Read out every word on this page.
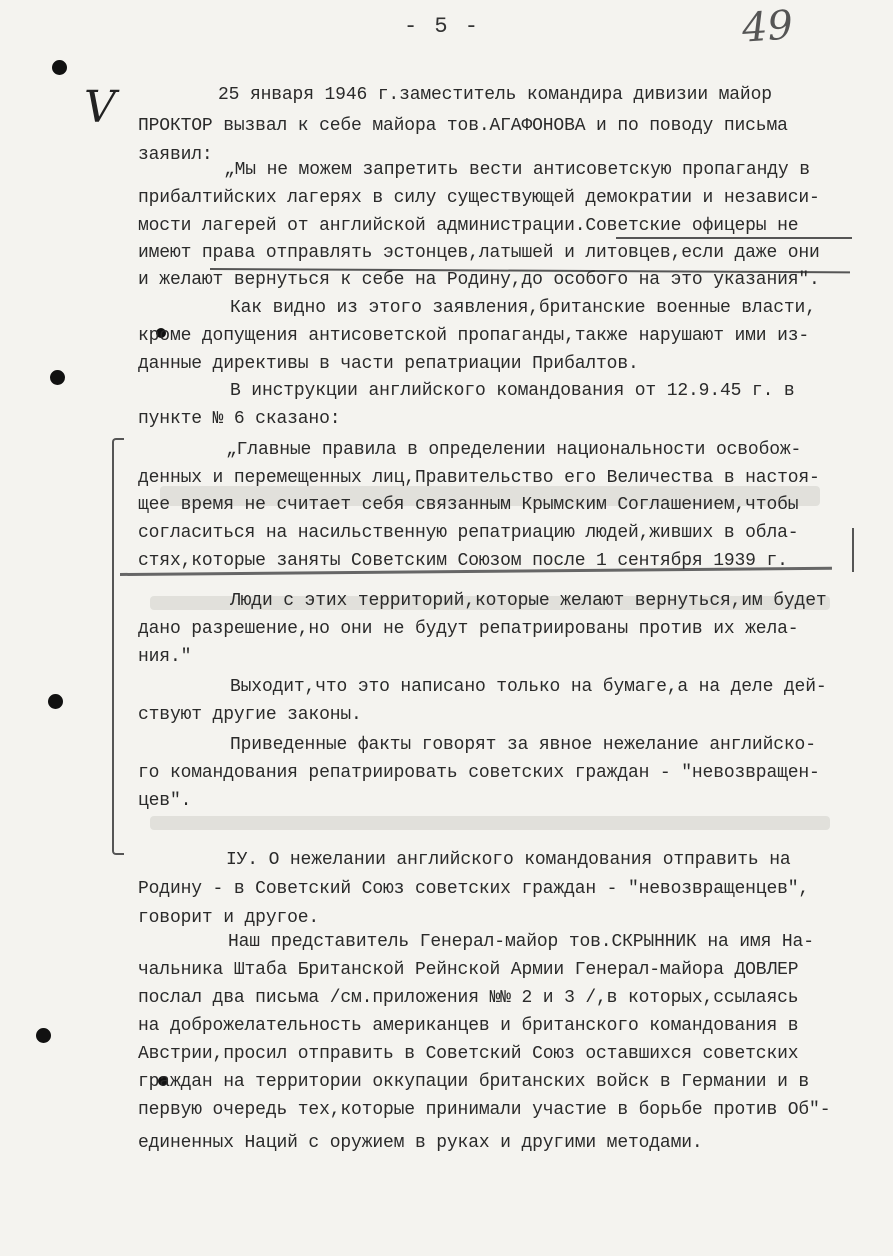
- 5 -	49
V	25 января 1946 г.заместитель командира дивизии майор
ПРОКТОР вызвал к себе майора тов.АГАФОНОВА и по поводу письма
заявил:
„Мы не можем запретить вести антисоветскую пропаганду в
прибалтийских лагерях в силу существующей демократии и независи-
мости лагерей от английской администрации.Советские офицеры не
имеют права отправлять эстонцев,латышей и литовцев,если даже они
и желают вернуться к себе на Родину,до особого на это указания".
Как видно из этого заявления,британские военные власти,
кроме допущения антисоветской пропаганды,также нарушают ими из-
данные директивы в части репатриации Прибалтов.
В инструкции английского командования от 12.9.45 г. в
пункте № 6 сказано:
„Главные правила в определении национальности освобож-
денных и перемещенных лиц,Правительство его Величества в настоя-
щее время не считает себя связанным Крымским Соглашением,чтобы
согласиться на насильственную репатриацию людей,живших в обла-
стях,которые заняты Советским Союзом после 1 сентября 1939 г.
Люди с этих территорий,которые желают вернуться,им будет
дано разрешение,но они не будут репатриированы против их жела-
ния."
Выходит,что это написано только на бумаге,а на деле дей-
ствуют другие законы.
Приведенные факты говорят за явное нежелание английско-
го командования репатриировать советских граждан - "невозвращен-
цев".
IУ. О нежелании английского командования отправить на
Родину - в Советский Союз советских граждан - "невозвращенцев",
говорит и другое.
Наш представитель Генерал-майор тов.СКРЫННИК на имя На-
чальника Штаба Британской Рейнской Армии Генерал-майора ДОВЛЕР
послал два письма /см.приложения №№ 2 и 3 /,в которых,ссылаясь
на доброжелательность американцев и британского командования в
Австрии,просил отправить в Советский Союз оставшихся советских
граждан на территории оккупации британских войск в Германии и в
первую очередь тех,которые принимали участие в борьбе против Об"-
единенных Наций с оружием в руках и другими методами.
